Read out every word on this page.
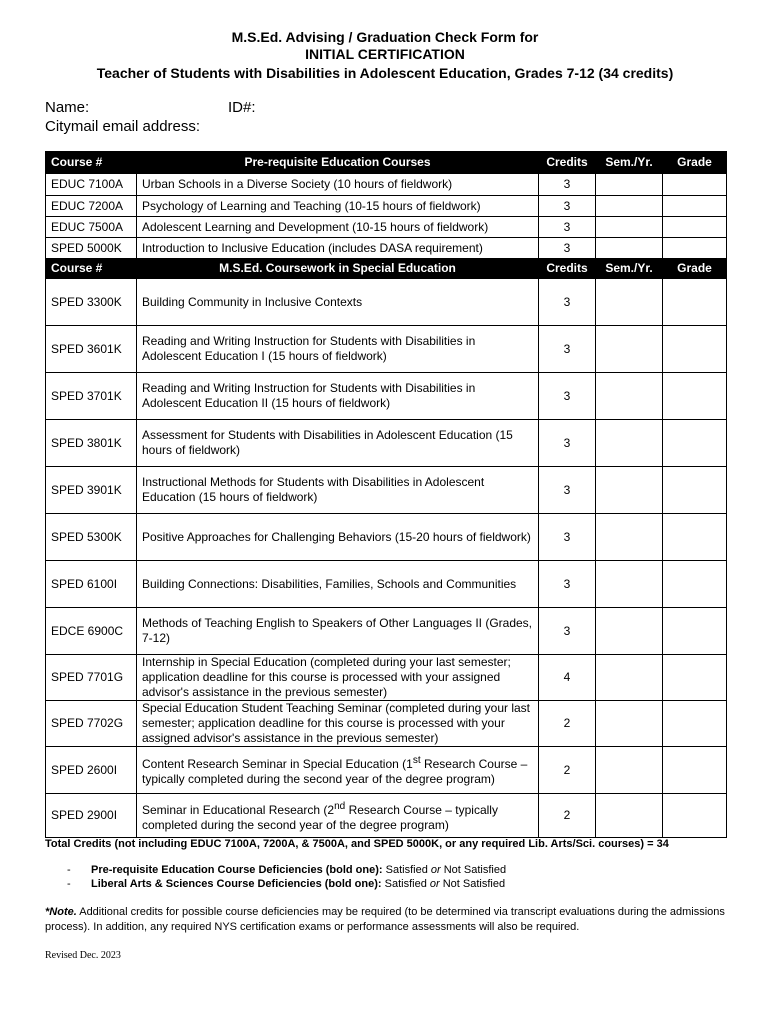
M.S.Ed. Advising / Graduation Check Form for
INITIAL CERTIFICATION
Teacher of Students with Disabilities in Adolescent Education, Grades 7-12 (34 credits)
Name:	ID#:
Citymail email address:
Course #	Pre-requisite Education Courses	Credits	Sem./Yr.	Grade
EDUC 7100A	Urban Schools in a Diverse Society (10 hours of fieldwork)	3		
EDUC 7200A	Psychology of Learning and Teaching (10-15 hours of fieldwork)	3		
EDUC 7500A	Adolescent Learning and Development (10-15 hours of fieldwork)	3		
SPED 5000K	Introduction to Inclusive Education (includes DASA requirement)	3		
Course #	M.S.Ed. Coursework in Special Education	Credits	Sem./Yr.	Grade
SPED 3300K	Building Community in Inclusive Contexts	3		
SPED 3601K	Reading and Writing Instruction for Students with Disabilities in Adolescent Education I (15 hours of fieldwork)	3		
SPED 3701K	Reading and Writing Instruction for Students with Disabilities in Adolescent Education II (15 hours of fieldwork)	3		
SPED 3801K	Assessment for Students with Disabilities in Adolescent Education (15 hours of fieldwork)	3		
SPED 3901K	Instructional Methods for Students with Disabilities in Adolescent Education (15 hours of fieldwork)	3		
SPED 5300K	Positive Approaches for Challenging Behaviors (15-20 hours of fieldwork)	3		
SPED 6100I	Building Connections: Disabilities, Families, Schools and Communities	3		
EDCE 6900C	Methods of Teaching English to Speakers of Other Languages II (Grades, 7-12)	3		
SPED 7701G	Internship in Special Education (completed during your last semester; application deadline for this course is processed with your assigned advisor's assistance in the previous semester)	4		
SPED 7702G	Special Education Student Teaching Seminar (completed during your last semester; application deadline for this course is processed with your assigned advisor's assistance in the previous semester)	2		
SPED 2600I	Content Research Seminar in Special Education (1st Research Course – typically completed during the second year of the degree program)	2		
SPED 2900I	Seminar in Educational Research (2nd Research Course – typically completed during the second year of the degree program)	2		
Total Credits (not including EDUC 7100A, 7200A, & 7500A, and SPED 5000K, or any required Lib. Arts/Sci. courses) = 34
- Pre-requisite Education Course Deficiencies (bold one): Satisfied or Not Satisfied
- Liberal Arts & Sciences Course Deficiencies (bold one): Satisfied or Not Satisfied
*Note. Additional credits for possible course deficiencies may be required (to be determined via transcript evaluations during the admissions process). In addition, any required NYS certification exams or performance assessments will also be required.
Revised Dec. 2023
